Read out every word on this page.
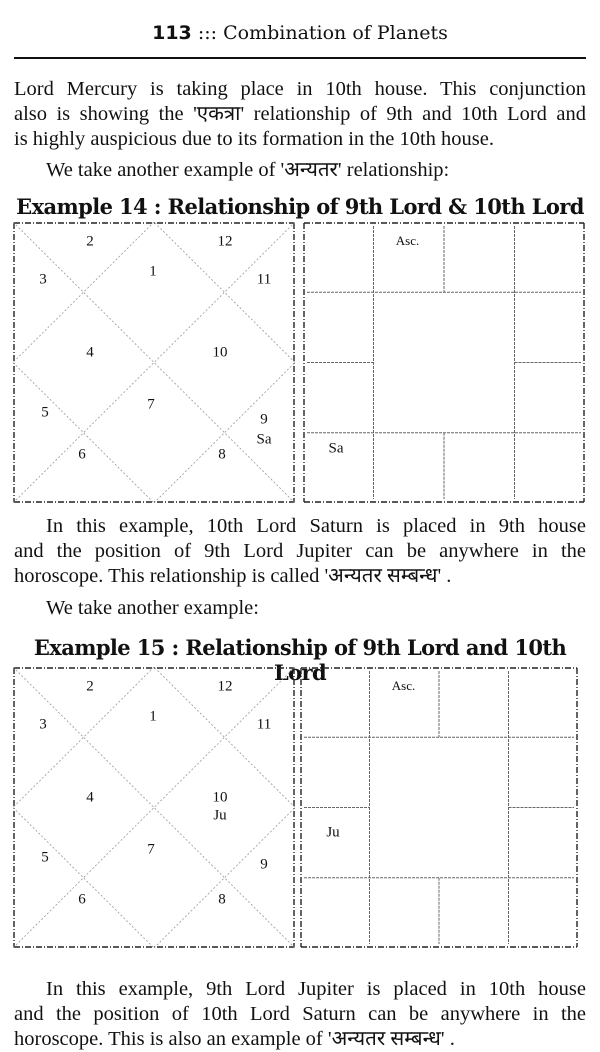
113 ::: Combination of Planets
Lord Mercury is taking place in 10th house. This conjunction
also is showing the 'एकत्रा' relationship of 9th and 10th Lord and
is highly auspicious due to its formation in the 10th house.
We take another example of 'अन्यतर' relationship:
Example 14 : Relationship of 9th Lord & 10th Lord
2	12
1
3	11
4	10
7
5	9
6	8
Sa
Asc.
Sa
In this example, 10th Lord Saturn is placed in 9th house
and the position of 9th Lord Jupiter can be anywhere in the
horoscope. This relationship is called 'अन्यतर सम्बन्ध' .
We take another example:
Example 15 : Relationship of 9th Lord and 10th Lord
2	12
1
3	11
4	10
7
5	9
6	8
Ju
Asc.
Ju
In this example, 9th Lord Jupiter is placed in 10th house
and the position of 10th Lord Saturn can be anywhere in the
horoscope. This is also an example of 'अन्यतर सम्बन्ध' .
